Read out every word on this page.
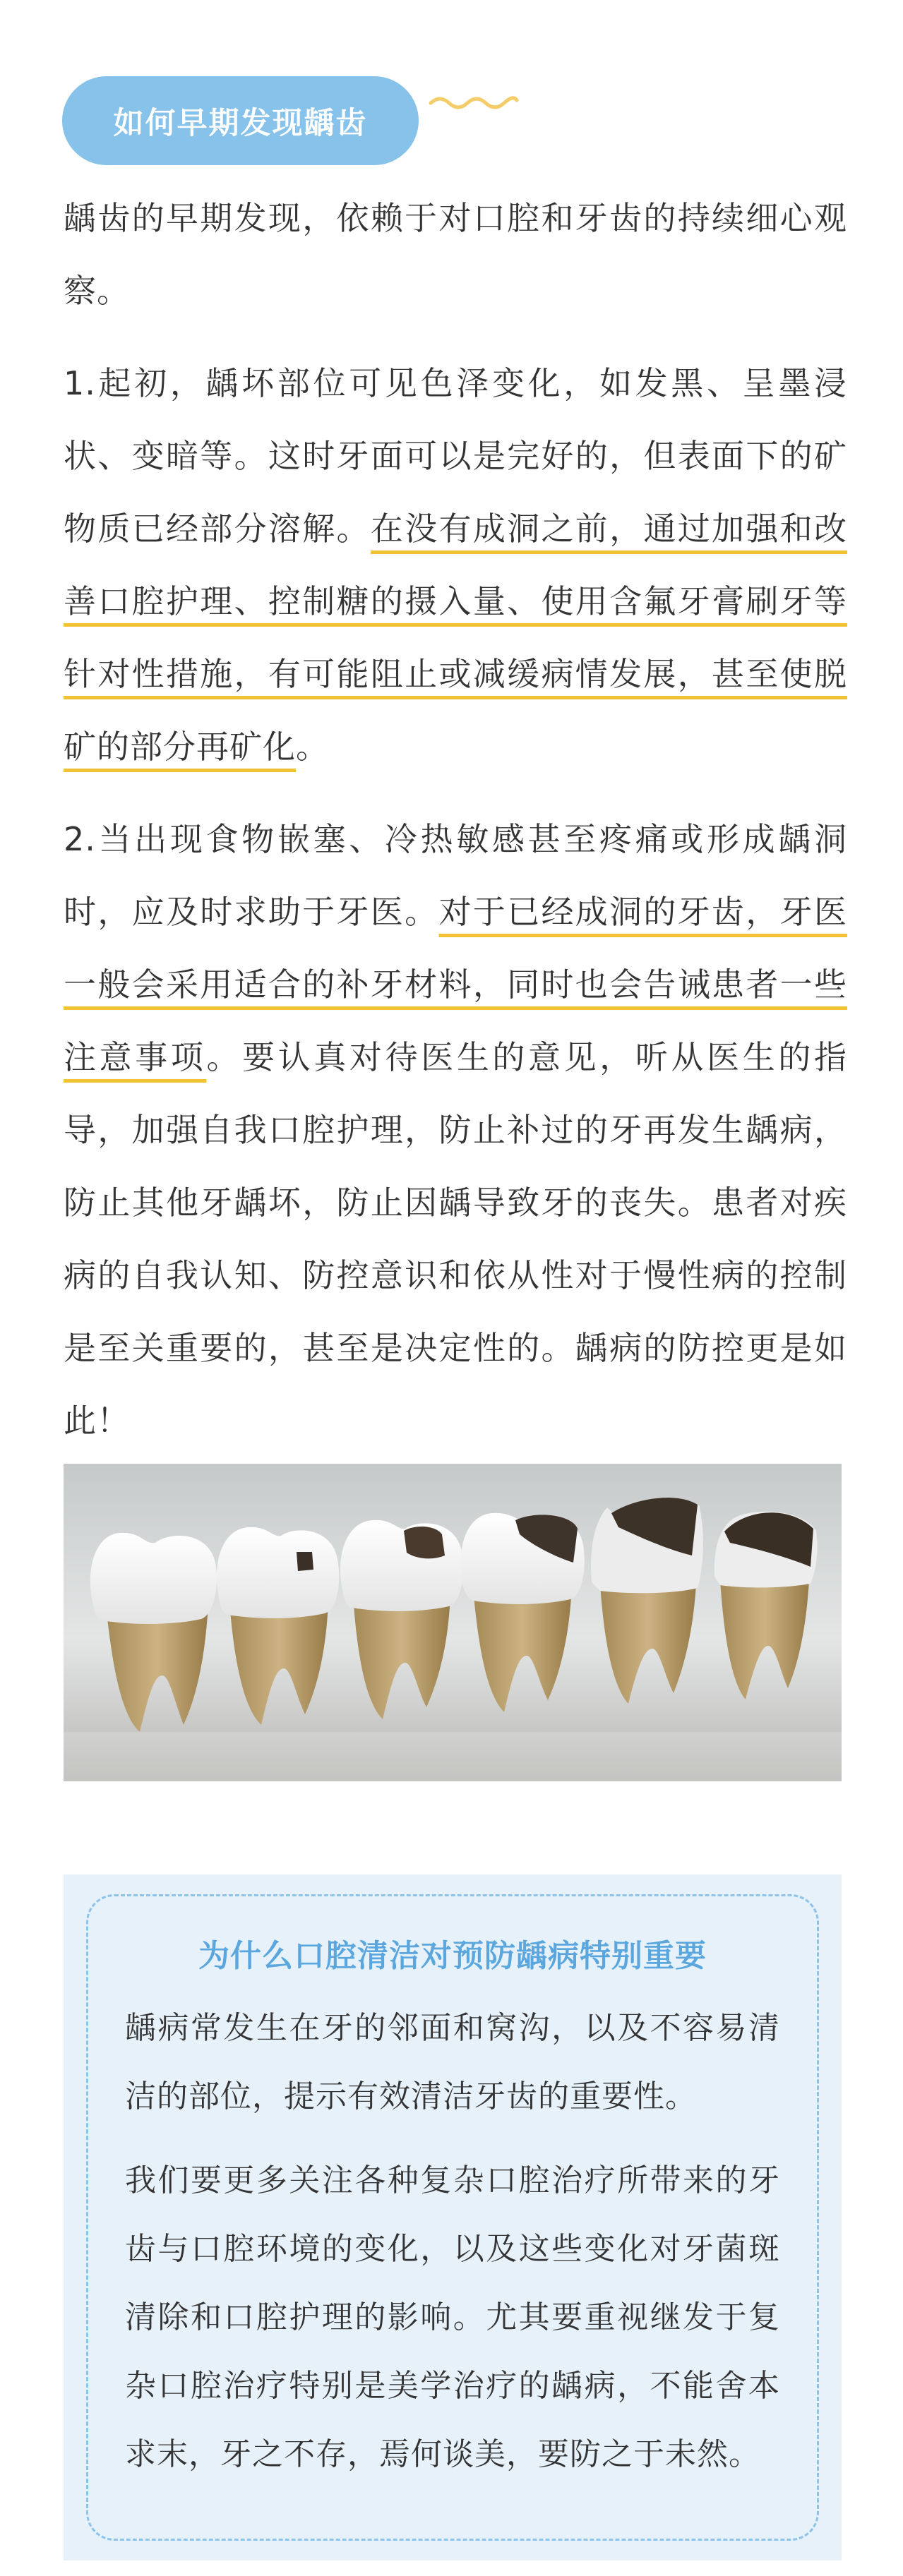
如何早期发现龋齿

龋齿的早期发现，依赖于对口腔和牙齿的持续细心观察。

1.起初，龋坏部位可见色泽变化，如发黑、呈墨浸状、变暗等。这时牙面可以是完好的，但表面下的矿物质已经部分溶解。在没有成洞之前，通过加强和改善口腔护理、控制糖的摄入量、使用含氟牙膏刷牙等针对性措施，有可能阻止或减缓病情发展，甚至使脱矿的部分再矿化。

2.当出现食物嵌塞、冷热敏感甚至疼痛或形成龋洞时，应及时求助于牙医。对于已经成洞的牙齿，牙医一般会采用适合的补牙材料，同时也会告诫患者一些注意事项。要认真对待医生的意见，听从医生的指导，加强自我口腔护理，防止补过的牙再发生龋病，防止其他牙龋坏，防止因龋导致牙的丧失。患者对疾病的自我认知、防控意识和依从性对于慢性病的控制是至关重要的，甚至是决定性的。龋病的防控更是如此！

为什么口腔清洁对预防龋病特别重要

龋病常发生在牙的邻面和窝沟，以及不容易清洁的部位，提示有效清洁牙齿的重要性。

我们要更多关注各种复杂口腔治疗所带来的牙齿与口腔环境的变化，以及这些变化对牙菌斑清除和口腔护理的影响。尤其要重视继发于复杂口腔治疗特别是美学治疗的龋病，不能舍本求末，牙之不存，焉何谈美，要防之于未然。
